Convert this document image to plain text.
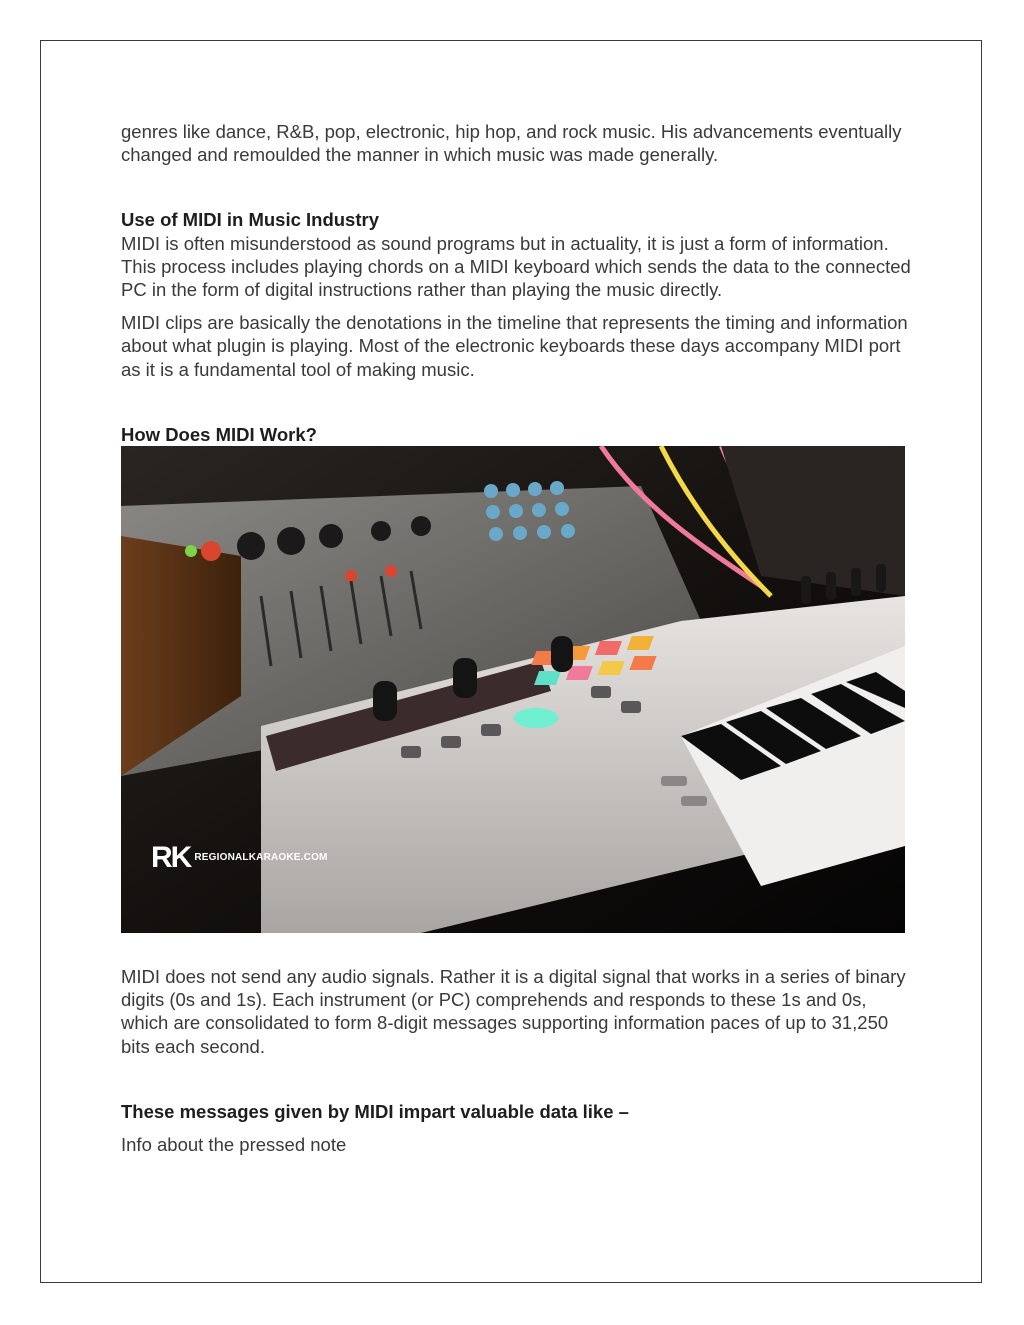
genres like dance, R&B, pop, electronic, hip hop, and rock music. His advancements eventually changed and remoulded the manner in which music was made generally.

Use of MIDI in Music Industry

MIDI is often misunderstood as sound programs but in actuality, it is just a form of information. This process includes playing chords on a MIDI keyboard which sends the data to the connected PC in the form of digital instructions rather than playing the music directly.

MIDI clips are basically the denotations in the timeline that represents the timing and information about what plugin is playing. Most of the electronic keyboards these days accompany MIDI port as it is a fundamental tool of making music.

How Does MIDI Work?

RK REGIONALKARAOKE.COM

MIDI does not send any audio signals. Rather it is a digital signal that works in a series of binary digits (0s and 1s). Each instrument (or PC) comprehends and responds to these 1s and 0s, which are consolidated to form 8-digit messages supporting information paces of up to 31,250 bits each second.

These messages given by MIDI impart valuable data like –

Info about the pressed note
